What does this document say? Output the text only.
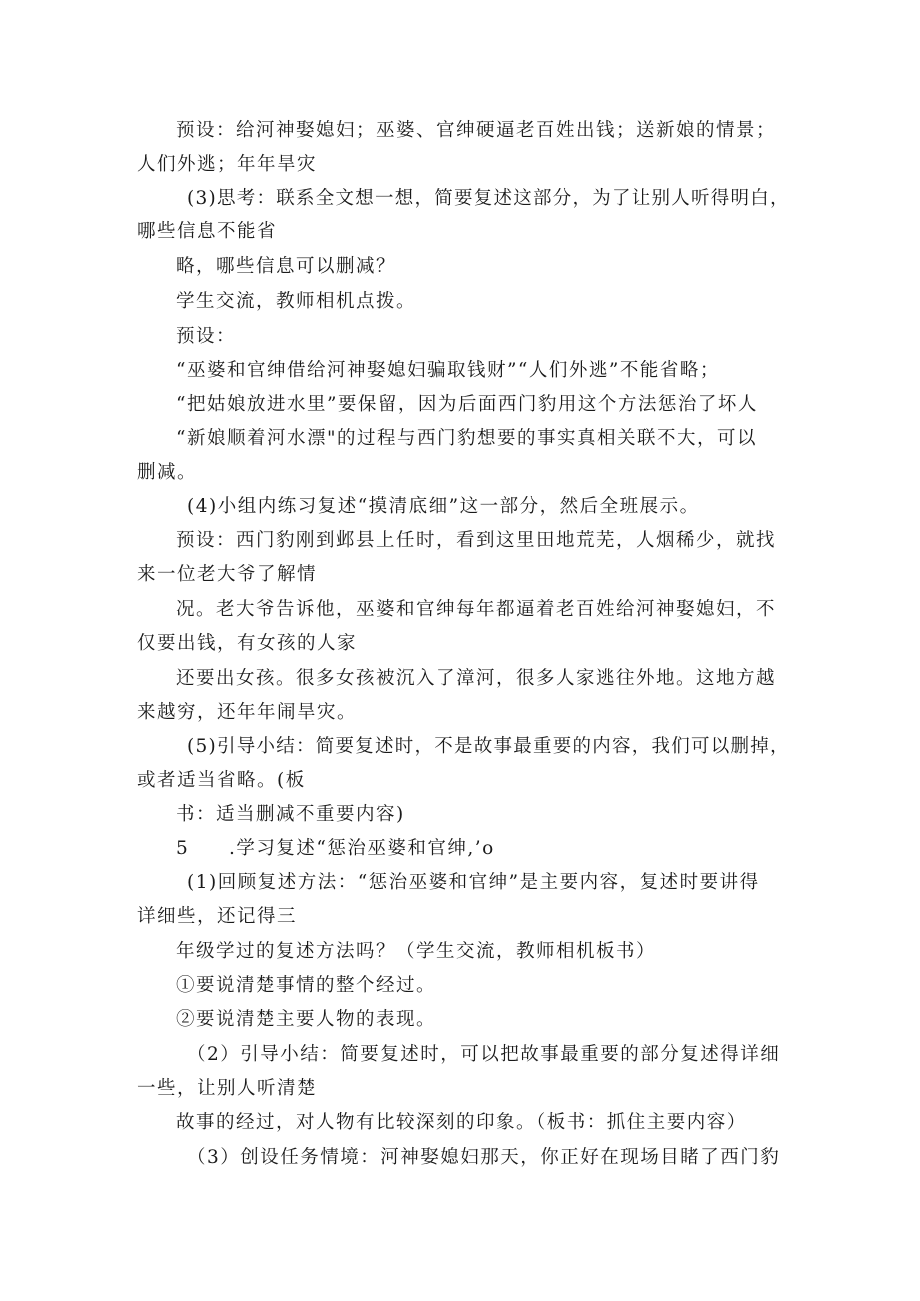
预设：给河神娶媳妇；巫婆、官绅硬逼老百姓出钱；送新娘的情景；
人们外逃；年年旱灾
(3)思考：联系全文想一想，简要复述这部分，为了让别人听得明白，
哪些信息不能省
略，哪些信息可以删减？
学生交流，教师相机点拨。
预设：
“巫婆和官绅借给河神娶媳妇骗取钱财”“人们外逃”不能省略；
“把姑娘放进水里”要保留，因为后面西门豹用这个方法惩治了坏人
“新娘顺着河水漂"的过程与西门豹想要的事实真相关联不大，可以
删减。
(4)小组内练习复述“摸清底细”这一部分，然后全班展示。
预设：西门豹刚到邺县上任时，看到这里田地荒芜，人烟稀少，就找
来一位老大爷了解情
况。老大爷告诉他，巫婆和官绅每年都逼着老百姓给河神娶媳妇，不
仅要出钱，有女孩的人家
还要出女孩。很多女孩被沉入了漳河，很多人家逃往外地。这地方越
来越穷，还年年闹旱灾。
(5)引导小结：简要复述时，不是故事最重要的内容，我们可以删掉，
或者适当省略。(板
书：适当删减不重要内容)
5 .学习复述“惩治巫婆和官绅,’o
(1)回顾复述方法：“惩治巫婆和官绅”是主要内容，复述时要讲得
详细些，还记得三
年级学过的复述方法吗？（学生交流，教师相机板书）
①要说清楚事情的整个经过。
②要说清楚主要人物的表现。
（2）引导小结：简要复述时，可以把故事最重要的部分复述得详细
一些，让别人听清楚
故事的经过，对人物有比较深刻的印象。（板书：抓住主要内容）
（3）创设任务情境：河神娶媳妇那天，你正好在现场目睹了西门豹
